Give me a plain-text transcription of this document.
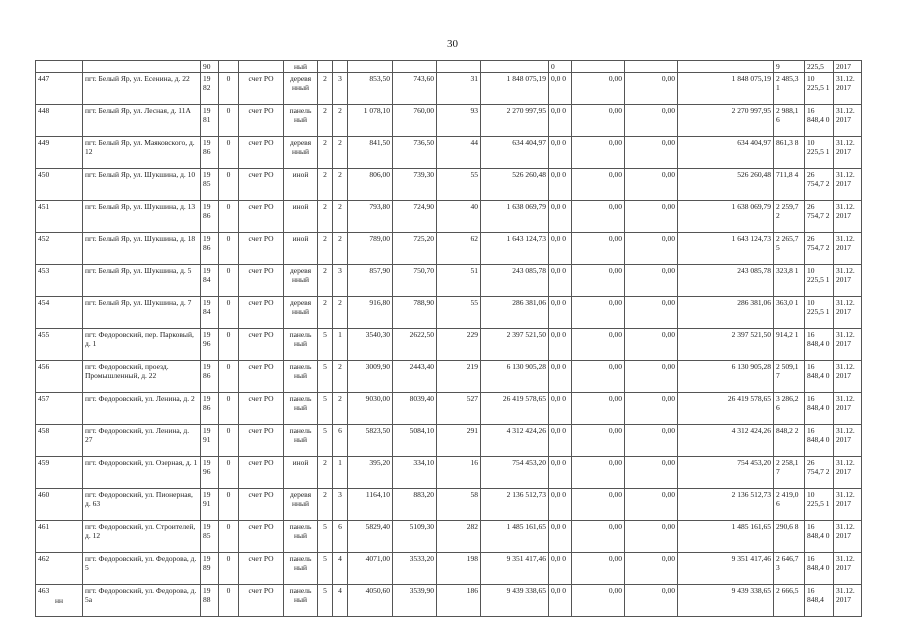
30
		90			ный							0				9	225,5	2017
447	пгт. Белый Яр, ул. Есенина, д. 22	19 82	0	счет РО	деревя нный	2	3	853,50	743,60	31	1 848 075,19	0,0 0	0,00	0,00	1 848 075,19	2 485,3 1	10 225,5 1	31.12. 2017
448	пгт. Белый Яр, ул. Лесная, д. 11А	19 81	0	счет РО	панель ный	2	2	1 078,10	760,00	93	2 270 997,95	0,0 0	0,00	0,00	2 270 997,95	2 988,1 6	16 848,4 0	31.12. 2017
449	пгт. Белый Яр, ул. Маяковского, д. 12	19 86	0	счет РО	деревя нный	2	2	841,50	736,50	44	634 404,97	0,0 0	0,00	0,00	634 404,97	861,3 8	10 225,5 1	31.12. 2017
450	пгт. Белый Яр, ул. Шукшина, д. 10	19 85	0	счет РО	иной	2	2	806,00	739,30	55	526 260,48	0,0 0	0,00	0,00	526 260,48	711,8 4	26 754,7 2	31.12. 2017
451	пгт. Белый Яр, ул. Шукшина, д. 13	19 86	0	счет РО	иной	2	2	793,80	724,90	40	1 638 069,79	0,0 0	0,00	0,00	1 638 069,79	2 259,7 2	26 754,7 2	31.12. 2017
452	пгт. Белый Яр, ул. Шукшина, д. 18	19 86	0	счет РО	иной	2	2	789,00	725,20	62	1 643 124,73	0,0 0	0,00	0,00	1 643 124,73	2 265,7 5	26 754,7 2	31.12. 2017
453	пгт. Белый Яр, ул. Шукшина, д. 5	19 84	0	счет РО	деревя нный	2	3	857,90	750,70	51	243 085,78	0,0 0	0,00	0,00	243 085,78	323,8 1	10 225,5 1	31.12. 2017
454	пгт. Белый Яр, ул. Шукшина, д. 7	19 84	0	счет РО	деревя нный	2	2	916,80	788,90	55	286 381,06	0,0 0	0,00	0,00	286 381,06	363,0 1	10 225,5 1	31.12. 2017
455	пгт. Федоровский, пер. Парковый, д. 1	19 96	0	счет РО	панель ный	5	1	3540,30	2622,50	229	2 397 521,50	0,0 0	0,00	0,00	2 397 521,50	914,2 1	16 848,4 0	31.12. 2017
456	пгт. Федоровский, проезд. Промышленный, д. 22	19 86	0	счет РО	панель ный	5	2	3009,90	2443,40	219	6 130 905,28	0,0 0	0,00	0,00	6 130 905,28	2 509,1 7	16 848,4 0	31.12. 2017
457	пгт. Федоровский, ул. Ленина, д. 2	19 86	0	счет РО	панель ный	5	2	9030,00	8039,40	527	26 419 578,65	0,0 0	0,00	0,00	26 419 578,65	3 286,2 6	16 848,4 0	31.12. 2017
458	пгт. Федоровский, ул. Ленина, д. 27	19 91	0	счет РО	панель ный	5	6	5823,50	5084,10	291	4 312 424,26	0,0 0	0,00	0,00	4 312 424,26	848,2 2	16 848,4 0	31.12. 2017
459	пгт. Федоровский, ул. Озерная, д. 1	19 96	0	счет РО	иной	2	1	395,20	334,10	16	754 453,20	0,0 0	0,00	0,00	754 453,20	2 258,1 7	26 754,7 2	31.12. 2017
460	пгт. Федоровский, ул. Пионерная, д. 63	19 91	0	счет РО	деревя нный	2	3	1164,10	883,20	58	2 136 512,73	0,0 0	0,00	0,00	2 136 512,73	2 419,0 6	10 225,5 1	31.12. 2017
461	пгт. Федоровский, ул. Строителей, д. 12	19 85	0	счет РО	панель ный	5	6	5829,40	5109,30	282	1 485 161,65	0,0 0	0,00	0,00	1 485 161,65	290,6 8	16 848,4 0	31.12. 2017
462	пгт. Федоровский, ул. Федорова, д. 5	19 89	0	счет РО	панель ный	5	4	4071,00	3533,20	198	9 351 417,46	0,0 0	0,00	0,00	9 351 417,46	2 646,7 3	16 848,4 0	31.12. 2017
463	пгт. Федоровский, ул. Федорова, д. 5а	19 88	0	счет РО	панель ный	5	4	4050,60	3539,90	186	9 439 338,65	0,0 0	0,00	0,00	9 439 338,65	2 666,5	16 848,4	31.12. 2017
нн
